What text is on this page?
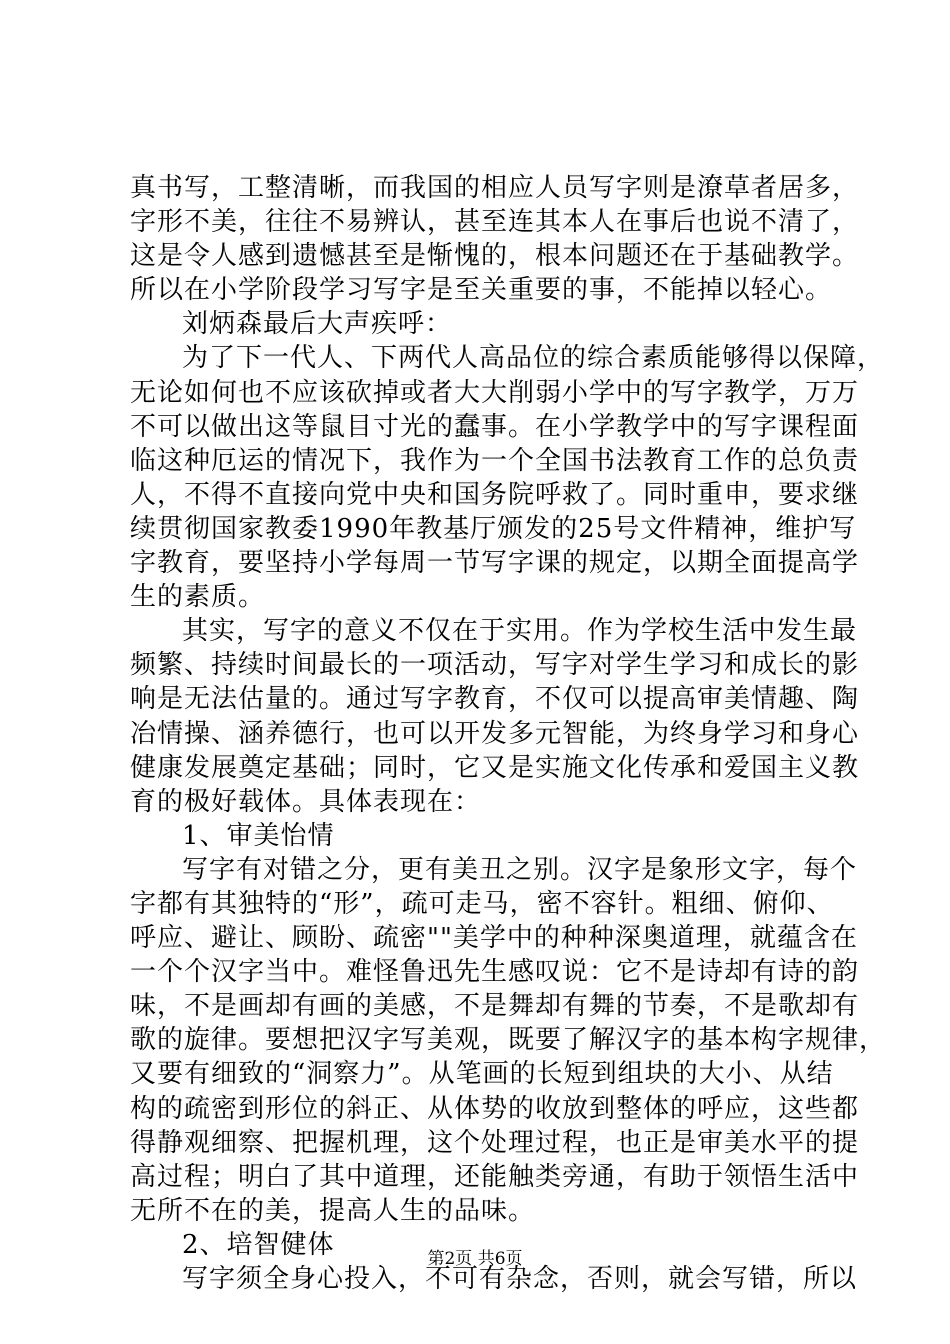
真书写，工整清晰，而我国的相应人员写字则是潦草者居多，
字形不美，往往不易辨认，甚至连其本人在事后也说不清了，
这是令人感到遗憾甚至是惭愧的，根本问题还在于基础教学。
所以在小学阶段学习写字是至关重要的事，不能掉以轻心。
刘炳森最后大声疾呼：
为了下一代人、下两代人高品位的综合素质能够得以保障，
无论如何也不应该砍掉或者大大削弱小学中的写字教学，万万
不可以做出这等鼠目寸光的蠢事。在小学教学中的写字课程面
临这种厄运的情况下，我作为一个全国书法教育工作的总负责
人，不得不直接向党中央和国务院呼救了。同时重申，要求继
续贯彻国家教委1990年教基厅颁发的25号文件精神，维护写
字教育，要坚持小学每周一节写字课的规定，以期全面提高学
生的素质。
其实，写字的意义不仅在于实用。作为学校生活中发生最
频繁、持续时间最长的一项活动，写字对学生学习和成长的影
响是无法估量的。通过写字教育，不仅可以提高审美情趣、陶
冶情操、涵养德行，也可以开发多元智能，为终身学习和身心
健康发展奠定基础；同时，它又是实施文化传承和爱国主义教
育的极好载体。具体表现在：
1、审美怡情
写字有对错之分，更有美丑之别。汉字是象形文字，每个
字都有其独特的“形”，疏可走马，密不容针。粗细、俯仰、
呼应、避让、顾盼、疏密""美学中的种种深奥道理，就蕴含在
一个个汉字当中。难怪鲁迅先生感叹说：它不是诗却有诗的韵
味，不是画却有画的美感，不是舞却有舞的节奏，不是歌却有
歌的旋律。要想把汉字写美观，既要了解汉字的基本构字规律，
又要有细致的“洞察力”。从笔画的长短到组块的大小、从结
构的疏密到形位的斜正、从体势的收放到整体的呼应，这些都
得静观细察、把握机理，这个处理过程，也正是审美水平的提
高过程；明白了其中道理，还能触类旁通，有助于领悟生活中
无所不在的美，提高人生的品味。
2、培智健体
写字须全身心投入，不可有杂念，否则，就会写错，所以
第2页 共6页
